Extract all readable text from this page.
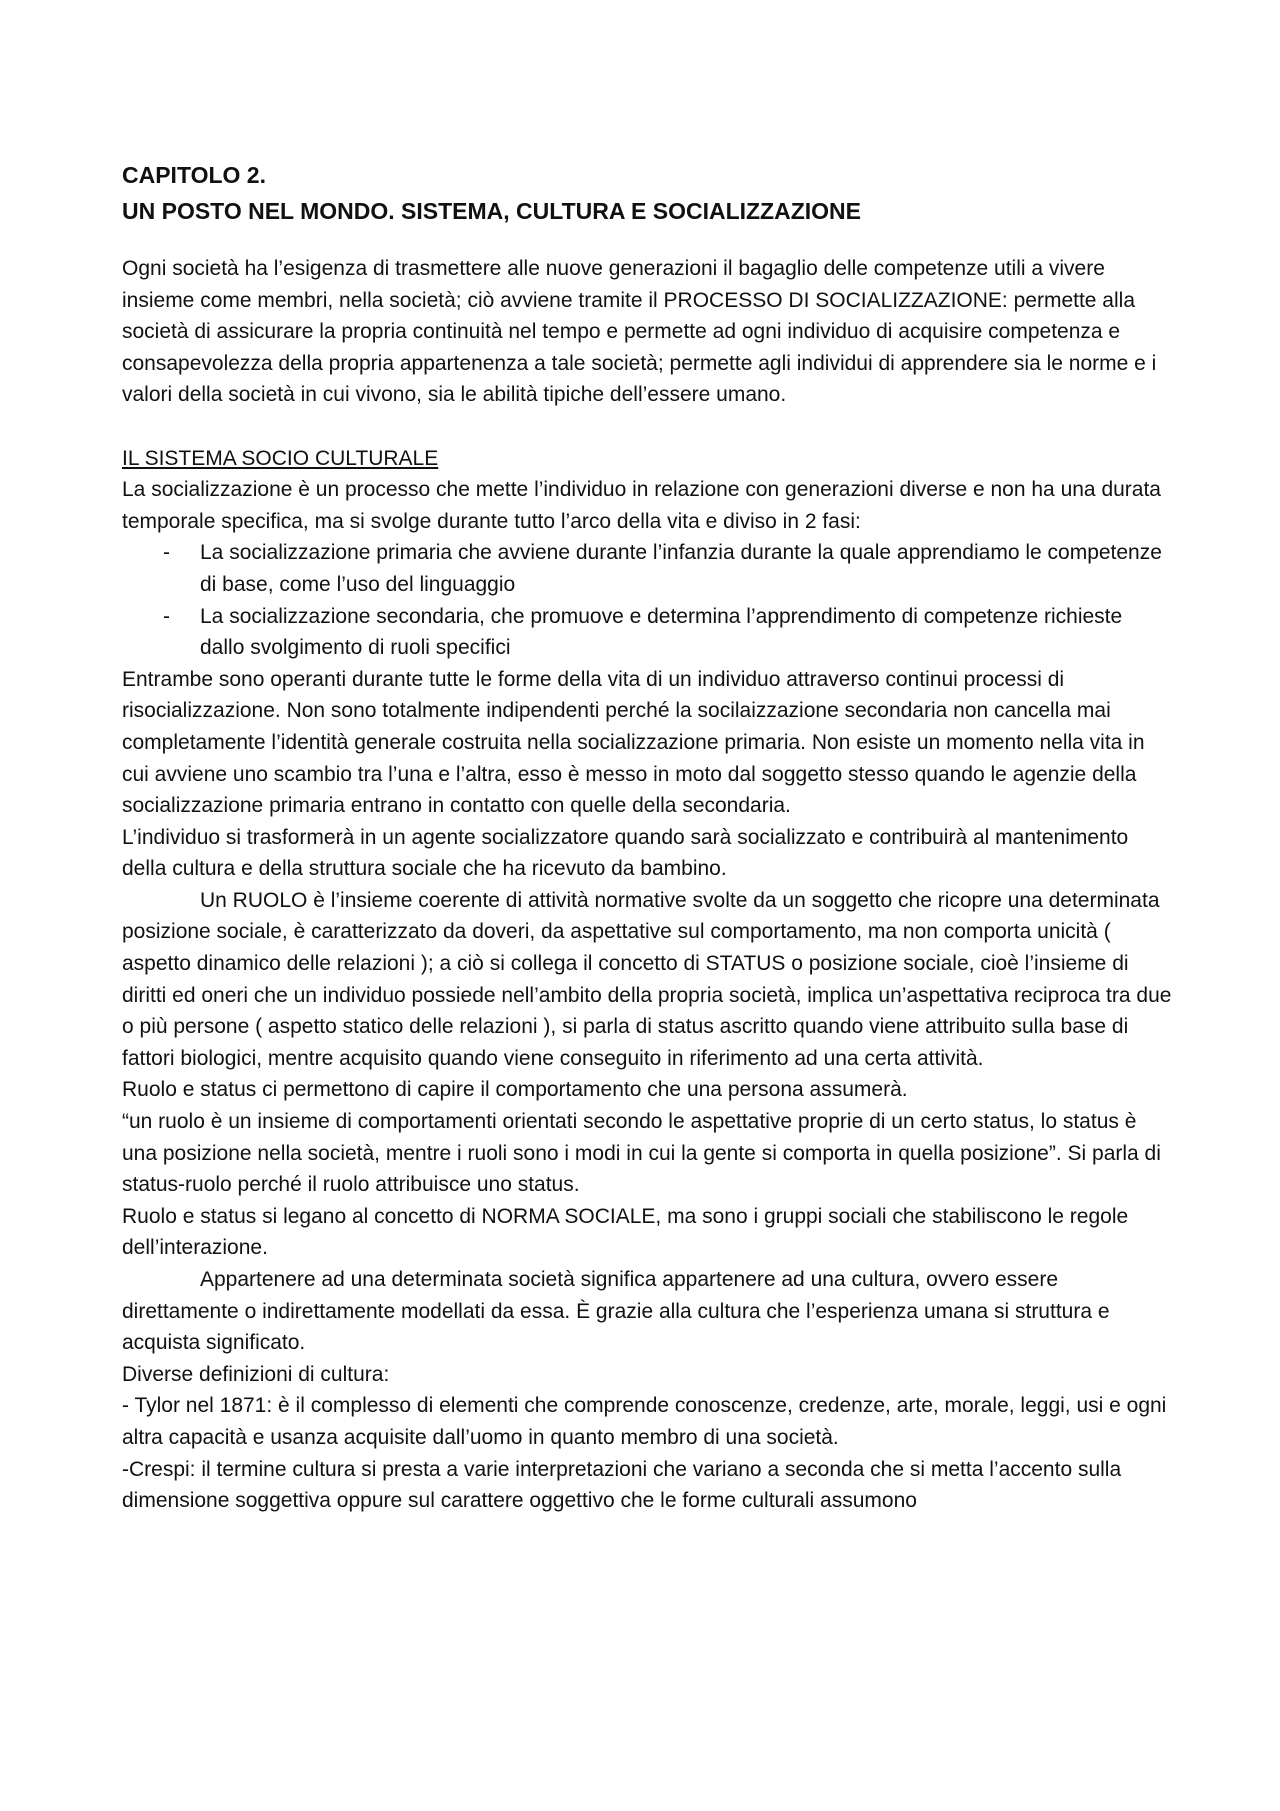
CAPITOLO 2.

UN POSTO NEL MONDO. SISTEMA, CULTURA E SOCIALIZZAZIONE

Ogni società ha l’esigenza di trasmettere alle nuove generazioni il bagaglio delle competenze utili a vivere insieme come membri, nella società; ciò avviene tramite il PROCESSO DI SOCIALIZZAZIONE: permette alla società di assicurare la propria continuità nel tempo e permette ad ogni individuo di acquisire competenza e consapevolezza della propria appartenenza a tale società; permette agli individui di apprendere sia le norme e i valori della società in cui vivono, sia le abilità tipiche dell’essere umano.

IL SISTEMA SOCIO CULTURALE

La socializzazione è un processo che mette l’individuo in relazione con generazioni diverse e non ha una durata temporale specifica, ma si svolge durante tutto l’arco della vita e diviso in 2 fasi:

- La socializzazione primaria che avviene durante l’infanzia durante la quale apprendiamo le competenze di base, come l’uso del linguaggio
- La socializzazione secondaria, che promuove e determina l’apprendimento di competenze richieste dallo svolgimento di ruoli specifici

Entrambe sono operanti durante tutte le forme della vita di un individuo attraverso continui processi di risocializzazione. Non sono totalmente indipendenti perché la socilaizzazione secondaria non cancella mai completamente l’identità generale costruita nella socializzazione primaria. Non esiste un momento nella vita in cui avviene uno scambio tra l’una e l’altra, esso è messo in moto dal soggetto stesso quando le agenzie della socializzazione primaria entrano in contatto con quelle della secondaria.

L’individuo si trasformerà in un agente socializzatore quando sarà socializzato e contribuirà al mantenimento della cultura e della struttura sociale che ha ricevuto da bambino.

Un RUOLO è l’insieme coerente di attività normative svolte da un soggetto che ricopre una determinata posizione sociale, è caratterizzato da doveri, da aspettative sul comportamento, ma non comporta unicità ( aspetto dinamico delle relazioni ); a ciò si collega il concetto di STATUS o posizione sociale, cioè l’insieme di diritti ed oneri che un individuo possiede nell’ambito della propria società, implica un’aspettativa reciproca tra due o più persone ( aspetto statico delle relazioni ), si parla di status ascritto quando viene attribuito sulla base di fattori biologici, mentre acquisito quando viene conseguito in riferimento ad una certa attività.

Ruolo e status ci permettono di capire il comportamento che una persona assumerà.

“un ruolo è un insieme di comportamenti orientati secondo le aspettative proprie di un certo status, lo status è una posizione nella società, mentre i ruoli sono i modi in cui la gente si comporta in quella posizione”. Si parla di status-ruolo perché il ruolo attribuisce uno status.

Ruolo e status si legano al concetto di NORMA SOCIALE, ma sono i gruppi sociali che stabiliscono le regole dell’interazione.

Appartenere ad una determinata società significa appartenere ad una cultura, ovvero essere direttamente o indirettamente modellati da essa. È grazie alla cultura che l’esperienza umana si struttura e acquista significato.

Diverse definizioni di cultura:

- Tylor nel 1871: è il complesso di elementi che comprende conoscenze, credenze, arte, morale, leggi, usi e ogni altra capacità e usanza acquisite dall’uomo in quanto membro di una società.

-Crespi: il termine cultura si presta a varie interpretazioni che variano a seconda che si metta l’accento sulla dimensione soggettiva oppure sul carattere oggettivo che le forme culturali assumono
